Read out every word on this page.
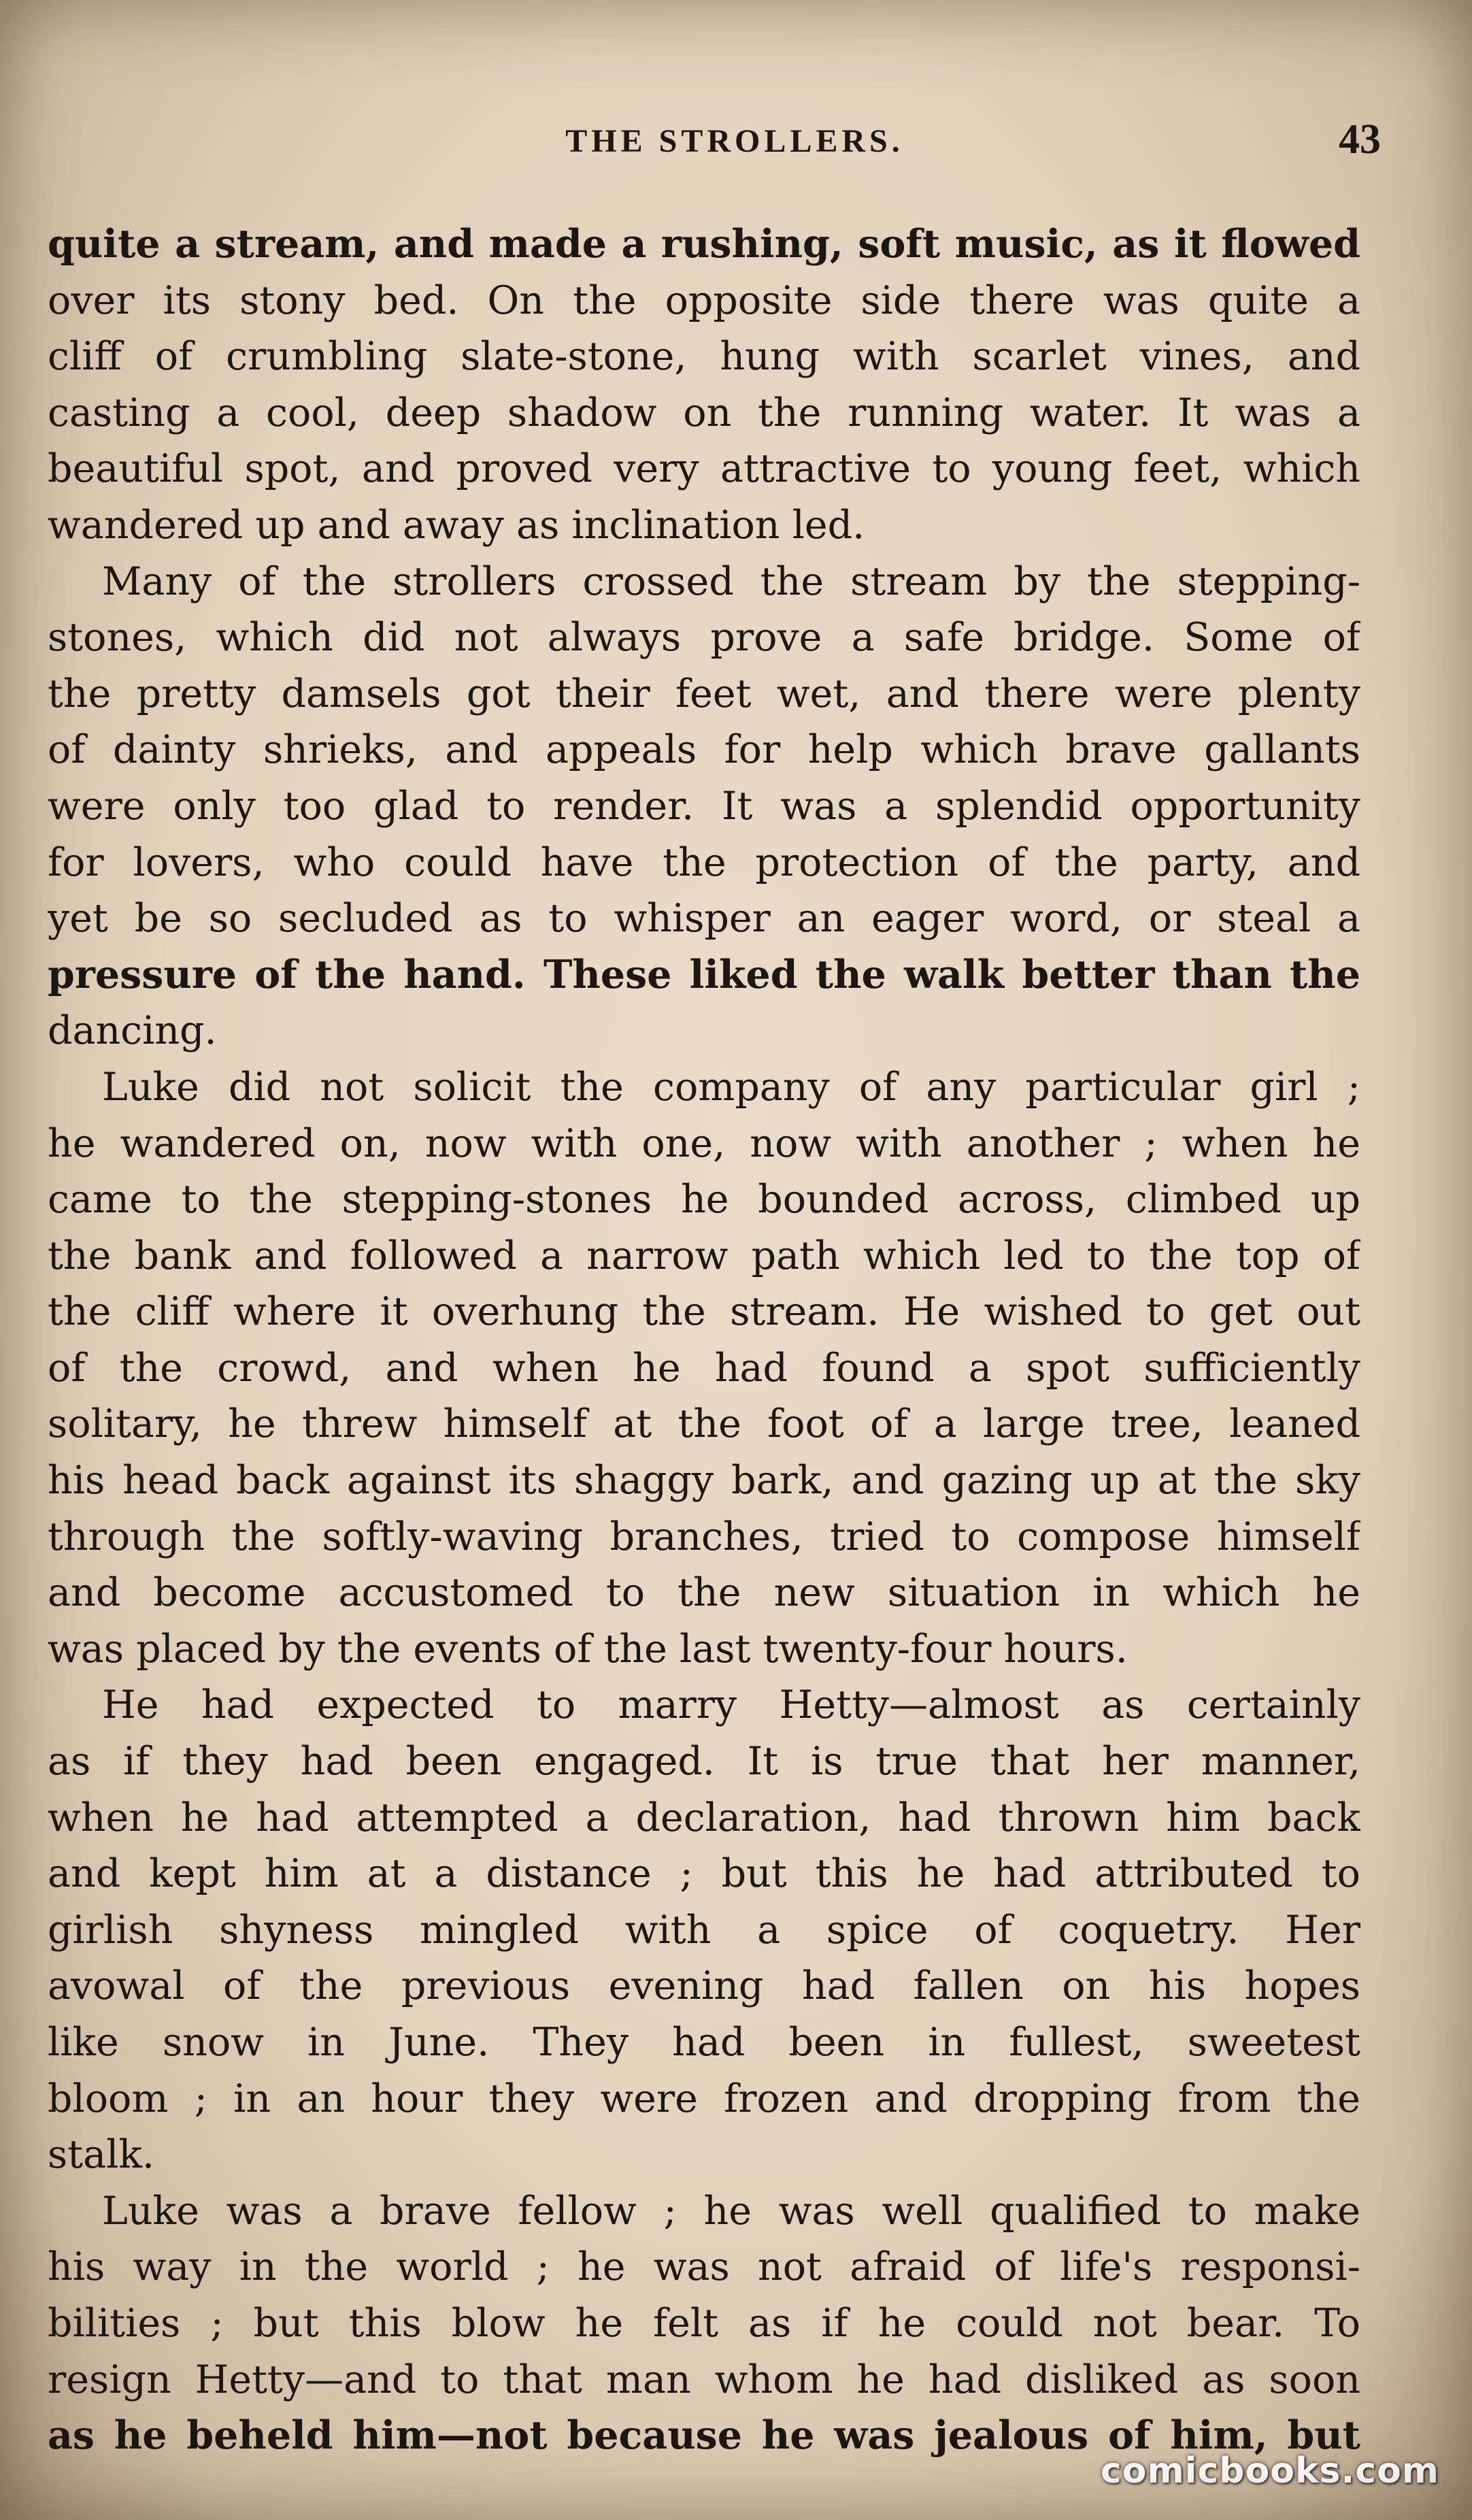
THE STROLLERS.	43
quite a stream, and made a rushing, soft music, as it flowed
over its stony bed. On the opposite side there was quite a
cliff of crumbling slate-stone, hung with scarlet vines, and
casting a cool, deep shadow on the running water. It was a
beautiful spot, and proved very attractive to young feet, which
wandered up and away as inclination led.
Many of the strollers crossed the stream by the stepping-
stones, which did not always prove a safe bridge. Some of
the pretty damsels got their feet wet, and there were plenty
of dainty shrieks, and appeals for help which brave gallants
were only too glad to render. It was a splendid opportunity
for lovers, who could have the protection of the party, and
yet be so secluded as to whisper an eager word, or steal a
pressure of the hand. These liked the walk better than the
dancing.
Luke did not solicit the company of any particular girl ;
he wandered on, now with one, now with another ; when he
came to the stepping-stones he bounded across, climbed up
the bank and followed a narrow path which led to the top of
the cliff where it overhung the stream. He wished to get out
of the crowd, and when he had found a spot sufficiently
solitary, he threw himself at the foot of a large tree, leaned
his head back against its shaggy bark, and gazing up at the sky
through the softly-waving branches, tried to compose himself
and become accustomed to the new situation in which he
was placed by the events of the last twenty-four hours.
He had expected to marry Hetty—almost as certainly
as if they had been engaged. It is true that her manner,
when he had attempted a declaration, had thrown him back
and kept him at a distance ; but this he had attributed to
girlish shyness mingled with a spice of coquetry. Her
avowal of the previous evening had fallen on his hopes
like snow in June. They had been in fullest, sweetest
bloom ; in an hour they were frozen and dropping from the
stalk.
Luke was a brave fellow ; he was well qualified to make
his way in the world ; he was not afraid of life's responsi-
bilities ; but this blow he felt as if he could not bear. To
resign Hetty—and to that man whom he had disliked as soon
as he beheld him—not because he was jealous of him, but
comicbooks.com
